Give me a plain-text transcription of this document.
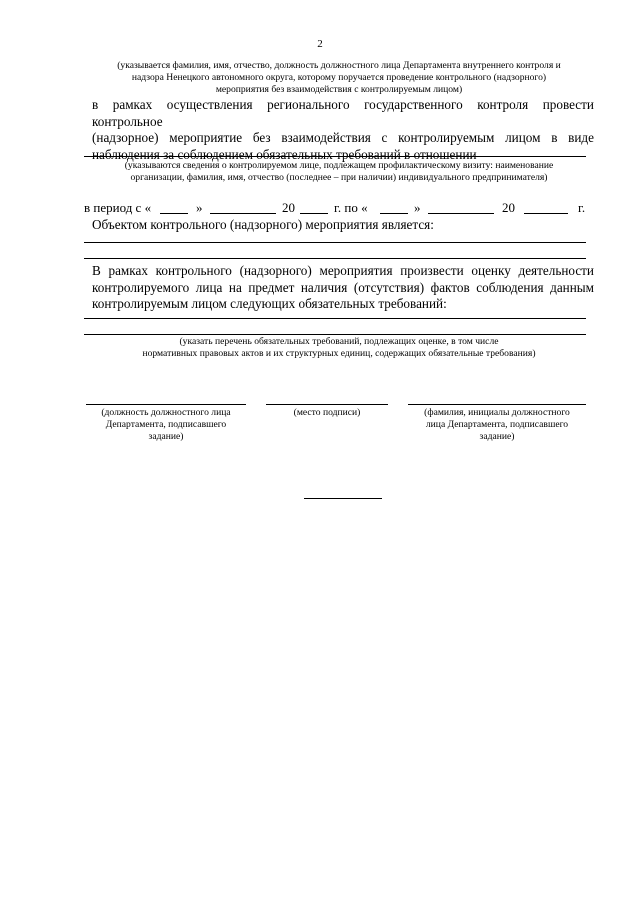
2
(указывается фамилия, имя, отчество, должность должностного лица Департамента внутреннего контроля и
надзора Ненецкого автономного округа, которому поручается проведение контрольного (надзорного)
мероприятия без взаимодействия с контролируемым лицом)
в рамках осуществления регионального государственного контроля провести контрольное
(надзорное) мероприятие без взаимодействия с контролируемым лицом в виде
наблюдения за соблюдением обязательных требований в отношении
(указываются сведения о контролируемом лице, подлежащем профилактическому визиту: наименование
организации, фамилия, имя, отчество (последнее – при наличии) индивидуального предпринимателя)
в период с «	»	20	г. по «	»	20	г.
Объектом контрольного (надзорного) мероприятия является:
В рамках контрольного (надзорного) мероприятия произвести оценку деятельности
контролируемого лица на предмет наличия (отсутствия) фактов соблюдения данным
контролируемым лицом следующих обязательных требований:
(указать перечень обязательных требований, подлежащих оценке, в том числе
нормативных правовых актов и их структурных единиц, содержащих обязательные требования)
(должность должностного лица
Департамента, подписавшего
задание)
(место подписи)	(фамилия, инициалы должностного
лица Департамента, подписавшего
задание)
